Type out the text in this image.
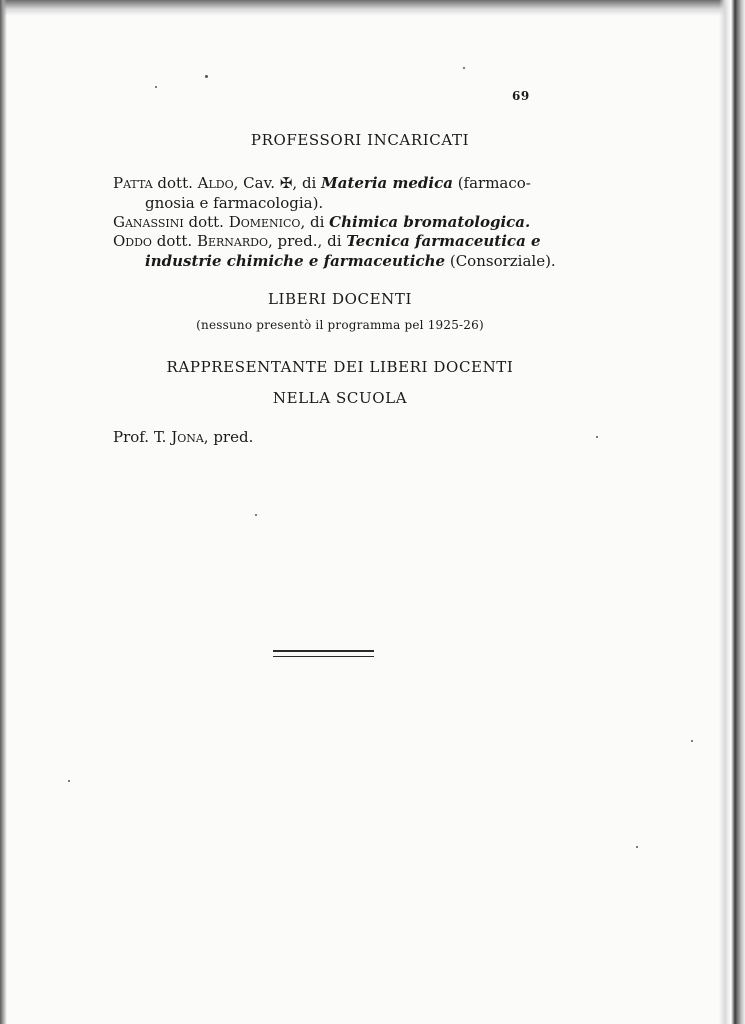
69
PROFESSORI INCARICATI
Patta dott. Aldo, Cav. ✠, di Materia medica (farmaco-
gnosia e farmacologia).
Ganassini dott. Domenico, di Chimica bromatologica.
Oddo dott. Bernardo, pred., di Tecnica farmaceutica e
industrie chimiche e farmaceutiche (Consorziale).
LIBERI DOCENTI
(nessuno presentò il programma pel 1925-26)
RAPPRESENTANTE DEI LIBERI DOCENTI
NELLA SCUOLA
Prof. T. Jona, pred.
